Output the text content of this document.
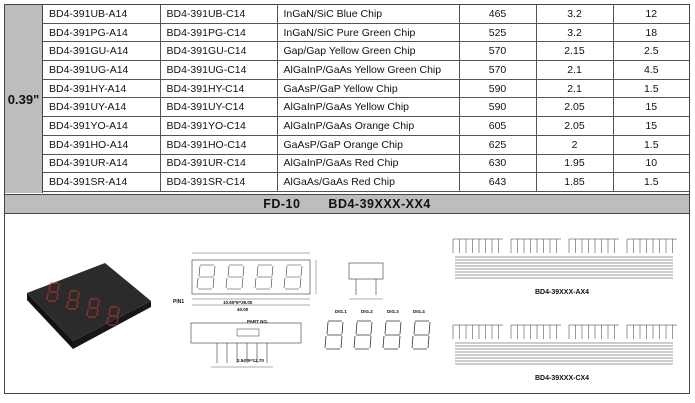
0.39"
BD4-391UB-A14	BD4-391UB-C14	InGaN/SiC Blue Chip	465	3.2	12
BD4-391PG-A14	BD4-391PG-C14	InGaN/SiC Pure Green Chip	525	3.2	18
BD4-391GU-A14	BD4-391GU-C14	Gap/Gap Yellow Green Chip	570	2.15	2.5
BD4-391UG-A14	BD4-391UG-C14	AlGaInP/GaAs Yellow Green Chip	570	2.1	4.5
BD4-391HY-A14	BD4-391HY-C14	GaAsP/GaP Yellow Chip	590	2.1	1.5
BD4-391UY-A14	BD4-391UY-C14	AlGaInP/GaAs Yellow Chip	590	2.05	15
BD4-391YO-A14	BD4-391YO-C14	AlGaInP/GaAs Orange Chip	605	2.05	15
BD4-391HO-A14	BD4-391HO-C14	GaAsP/GaP Orange Chip	625	2	1.5
BD4-391UR-A14	BD4-391UR-C14	AlGaInP/GaAs Red Chip	630	1.95	10
BD4-391SR-A14	BD4-391SR-C14	AlGaAs/GaAs Red Chip	643	1.85	1.5
FD-10 BD4-39XXX-XX4
PIN1	10.60*5=39.00
40.00
PART NO.
2.54*5=12.70
DIG.1	DIG.2	DIG.3	DIG.4
BD4-39XXX-AX4
BD4-39XXX-CX4
